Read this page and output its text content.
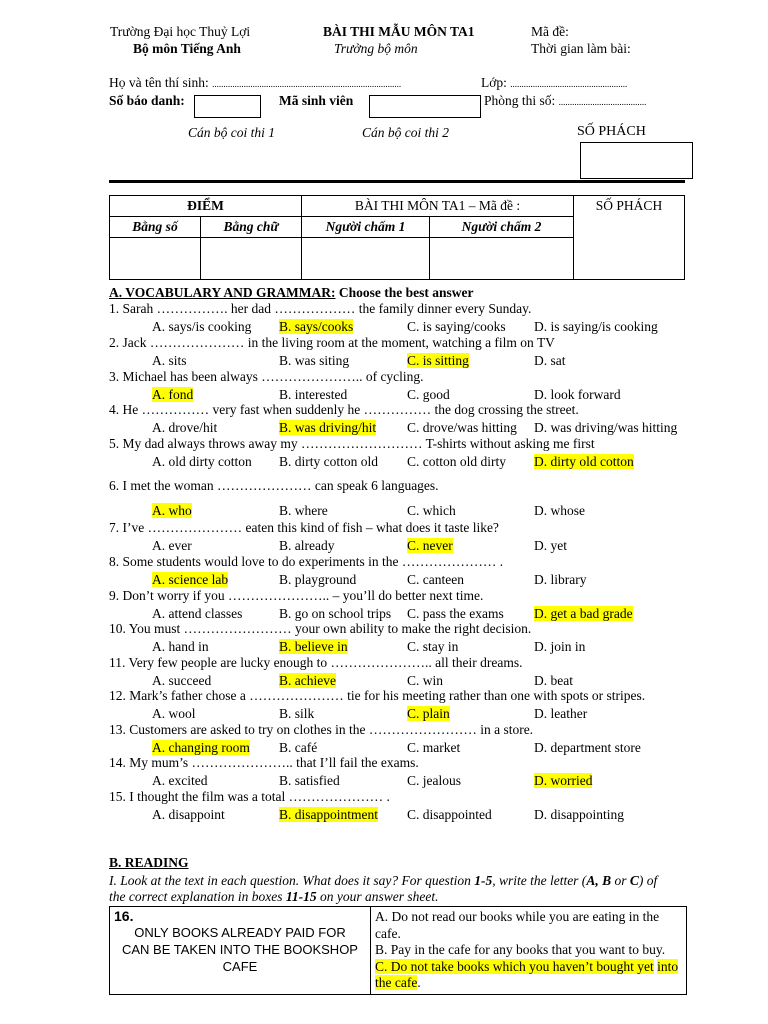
Trường Đại học Thuỷ Lợi
Bộ môn Tiếng Anh
BÀI THI MẪU MÔN TA1
Trưởng bộ môn
Mã đề:
Thời gian làm bài:
Họ và tên thí sinh: ....................................................................................	Lớp: ....................................................
Số báo danh:	Mã sinh viên	Phòng thi số: .......................................
Cán bộ coi thi 1	Cán bộ coi thi 2	SỐ PHÁCH
ĐIỂM		BÀI THI MÔN TA1 – Mã đề :		SỐ PHÁCH
Bằng số	Bằng chữ	Người chấm 1	Người chấm 2	

A. VOCABULARY AND GRAMMAR: Choose the best answer
1. Sarah ……………. her dad ……………… the family dinner every Sunday.
A. says/is cooking B. says/cooks	C. is saying/cooks D. is saying/is cooking
2. Jack ………………… in the living room at the moment, watching a film on TV
A. sits	B. was siting	C. is sitting	D. sat
3. Michael has been always ………………….. of cycling.
A. fond	B. interested	C. good	D. look forward
4. He …………… very fast when suddenly he …………… the dog crossing the street.
A. drove/hit	B. was driving/hit C. drove/was hitting D. was driving/was hitting
5. My dad always throws away my ……………………… T-shirts without asking me first
A. old dirty cotton B. dirty cotton old C. cotton old dirty D. dirty old cotton
6. I met the woman ………………… can speak 6 languages.
A. who	B. where	C. which	D. whose
7. I’ve ………………… eaten this kind of fish – what does it taste like?
A. ever	B. already	C. never	D. yet
8. Some students would love to do experiments in the ………………… .
A. science lab	B. playground	C. canteen	D. library
9. Don’t worry if you ………………….. – you’ll do better next time.
A. attend classes	B. go on school trips C. pass the exams D. get a bad grade
10. You must …………………… your own ability to make the right decision.
A. hand in	B. believe in	C. stay in	D. join in
11. Very few people are lucky enough to ………………….. all their dreams.
A. succeed	B. achieve	C. win	D. beat
12. Mark’s father chose a ………………… tie for his meeting rather than one with spots or stripes.
A. wool	B. silk	C. plain	D. leather
13. Customers are asked to try on clothes in the …………………… in a store.
A. changing room B. café	C. market	D. department store
14. My mum’s ………………….. that I’ll fail the exams.
A. excited	B. satisfied	C. jealous	D. worried
15. I thought the film was a total ………………… .
A. disappoint	B. disappointment C. disappointed	D. disappointing
B. READING
I. Look at the text in each question. What does it say? For question 1-5, write the letter (A, B or C) of
the correct explanation in boxes 11-15 on your answer sheet.
16.
ONLY BOOKS ALREADY PAID FOR CAN BE TAKEN INTO THE BOOKSHOP CAFE

A. Do not read our books while you are eating in the cafe.
B. Pay in the cafe for any books that you want to buy.
C. Do not take books which you haven’t bought yet into the cafe.
